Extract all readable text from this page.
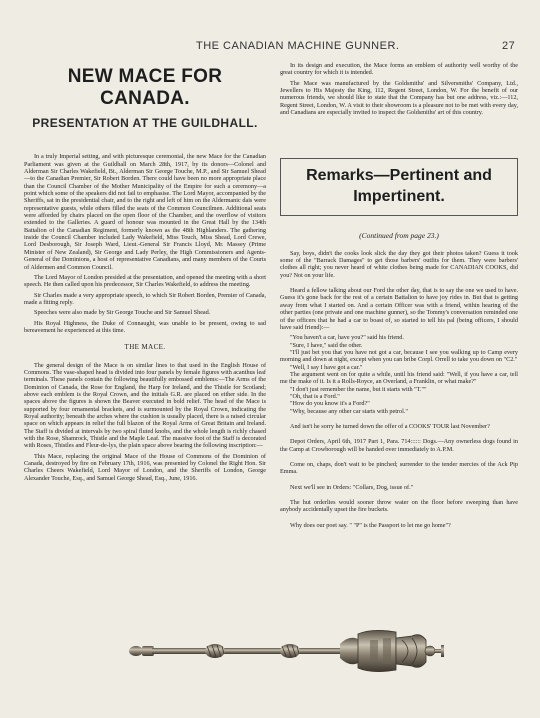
THE CANADIAN MACHINE GUNNER.	27
NEW MACE FOR CANADA.
PRESENTATION AT THE GUILDHALL.

In a truly Imperial setting, and with picturesque ceremonial, the new Mace for the Canadian Parliament was given at the Guildhall on March 28th, 1917, by its donors—Colonel and Alderman Sir Charles Wakefield, Bt., Alderman Sir George Touche, M.P., and Sir Samuel Shead—to the Canadian Premier, Sir Robert Borden. There could have been no more appropriate place than the Council Chamber of the Mother Municipality of the Empire for such a ceremony—a point which some of the speakers did not fail to emphasise. The Lord Mayor, accompanied by the Sheriffs, sat in the presidential chair, and to the right and left of him on the Aldermanic dais were representative guests, while others filled the seats of the Common Councilmen. Additional seats were afforded by chairs placed on the open floor of the Chamber, and the overflow of visitors extended to the Galleries. A guard of honour was mounted in the Great Hall by the 134th Battalion of the Canadian Regiment, formerly known as the 48th Highlanders. The gathering inside the Council Chamber included Lady Wakefield, Miss Touch, Miss Shead, Lord Crewe, Lord Desborough, Sir Joseph Ward, Lieut.-General Sir Francis Lloyd, Mr. Massey (Prime Minister of New Zealand), Sir George and Lady Perley, the High Commissioners and Agents-General of the Dominions, a host of representative Canadians, and many members of the Courts of Aldermen and Common Council.

The Lord Mayor of London presided at the presentation, and opened the meeting with a short speech. He then called upon his predecessor, Sir Charles Wakefield, to address the meeting.

Sir Charles made a very appropriate speech, to which Sir Robert Borden, Premier of Canada, made a fitting reply.

Speeches were also made by Sir George Touche and Sir Samuel Shead.

His Royal Highness, the Duke of Connaught, was unable to be present, owing to sad bereavement he experienced at this time.

THE MACE.

The general design of the Mace is on similar lines to that used in the English House of Commons. The vase-shaped head is divided into four panels by female figures with acanthus leaf terminals. These panels contain the following beautifully embossed emblems:—The Arms of the Dominion of Canada, the Rose for England, the Harp for Ireland, and the Thistle for Scotland; above each emblem is the Royal Crown, and the initials G.R. are placed on either side. In the spaces above the figures is shown the Beaver executed in bold relief. The head of the Mace is supported by four ornamental brackets, and is surmounted by the Royal Crown, indicating the Royal authority; beneath the arches where the cushion is usually placed, there is a raised circular space on which appears in relief the full blazon of the Royal Arms of Great Britain and Ireland. The Staff is divided at intervals by two spiral fluted knobs, and the whole length is richly chased with the Rose, Shamrock, Thistle and the Maple Leaf. The massive foot of the Staff is decorated with Roses, Thistles and Fleur-de-lys, the plain space above bearing the following inscription:—

This Mace, replacing the original Mace of the House of Commons of the Dominion of Canada, destroyed by fire on February 17th, 1916, was presented by Colonel the Right Hon. Sir Charles Cheers Wakefield, Lord Mayor of London, and the Sheriffs of London, George Alexander Touche, Esq., and Samuel George Shead, Esq., June, 1916.

In its design and execution, the Mace forms an emblem of authority well worthy of the great country for which it is intended.

The Mace was manufactured by the Goldsmiths' and Silversmiths' Company, Ltd., Jewellers to His Majesty the King, 112, Regent Street, London, W. For the benefit of our numerous friends, we should like to state that the Company has but one address, viz.:—112, Regent Street, London, W. A visit to their showroom is a pleasure not to be met with every day, and Canadians are especially invited to inspect the Goldsmiths' art of this country.

Remarks—Pertinent and Impertinent.
(Continued from page 23.)

Say, boys, didn't the cooks look slick the day they got their photos taken? Guess it took some of the "Barrack Damages" to get those barbers' outfits for them. They were barbers' clothes all right; you never heard of white clothes being made for CANADIAN COOKS, did you? Not on your life.

Heard a fellow talking about our Ford the other day, that is to say the one we used to have. Guess it's gone back for the rest of a certain Battalion to have joy rides in. But that is getting away from what I started on. And a certain Officer was with a friend, within hearing of the other parties (one private and one machine gunner), so the Tommy's conversation reminded one of the officers that he had a car to boast of, so started to tell his pal (being officers, I should have said friend):—

"You haven't a car, have you?" said his friend.

"Sure, I have," said the other.

"I'll just bet you that you have not got a car, because I see you walking up to Camp every morning and down at night, except when you can bribe Corpl. Orrell to take you down on "C2."

"Well, I say I have got a car."

The argument went on for quite a while, until his friend said: "Well, if you have a car, tell me the make of it. Is it a Rolls-Royce, an Overland, a Franklin, or what make?"

"I don't just remember the name, but it starts with "T.""

"Oh, that is a Ford."

"How do you know it's a Ford?"

"Why, because any other car starts with petrol."

And isn't he sorry he turned down the offer of a COOKS' TOUR last November?

Depot Orders, April 6th, 1917 Part 1, Para. 714:::::: Dogs.—Any ownerless dogs found in the Camp at Crowborough will be handed over immediately to A.P.M.

Come on, chaps, don't wait to be pinched; surrender to the tender mercies of the Ack Pip Emma.

Next we'll see in Orders: "Collars, Dog, issue of."

The hut orderlies would sooner throw water on the floor before sweeping than have anybody accidentally upset the fire buckets.

Why does our poet say. " "P" is the Passport to let me go home"?
